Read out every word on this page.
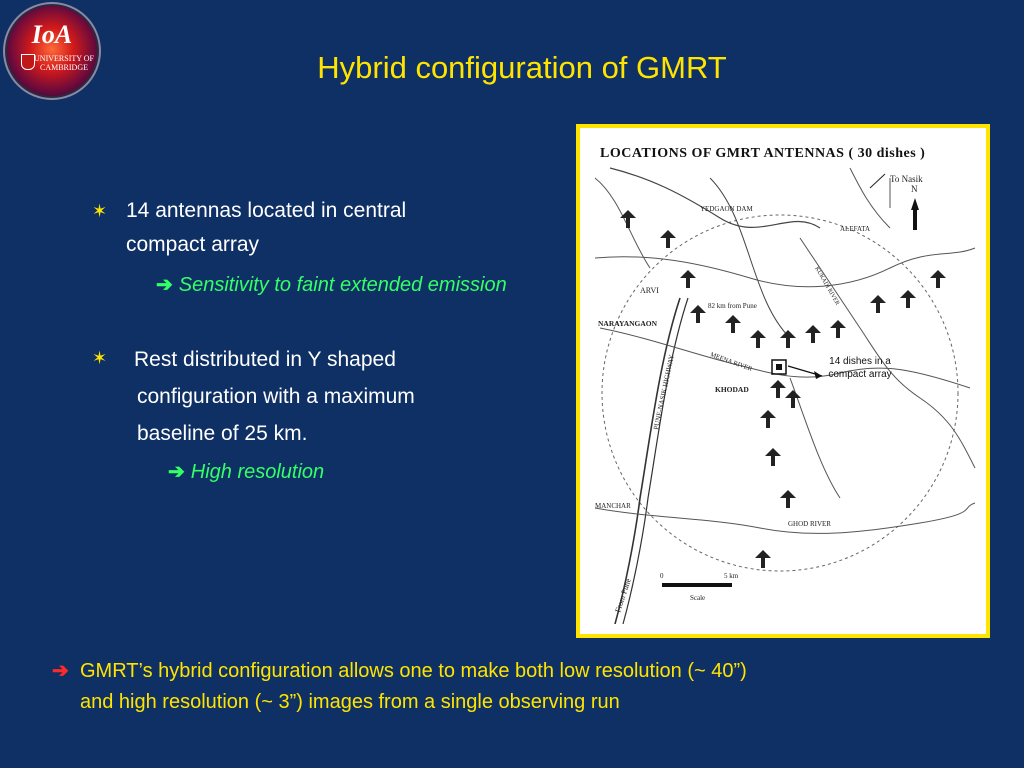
IoA
UNIVERSITY OF
CAMBRIDGE	Hybrid configuration of GMRT
✶ 14 antennas located in central
compact array
➔ Sensitivity to faint extended emission
✶ Rest distributed in Y shaped
configuration with a maximum
baseline of 25 km.
➔ High resolution
To Nasik
N
YEDGAON DAM
ALEFATA
ARVI
NARAYANGAON
KUKADI RIVER
82 km from Pune
MEENA RIVER
KHODAD
PUNE-NASIK HIGHWAY
MANCHAR
GHOD RIVER
From Pune
0	5 km
Scale
LOCATIONS OF GMRT ANTENNAS ( 30 dishes )
14 dishes in a
compact array
➔ GMRT’s hybrid configuration allows one to make both low resolution (~ 40”)
and high resolution (~ 3”) images from a single observing run
